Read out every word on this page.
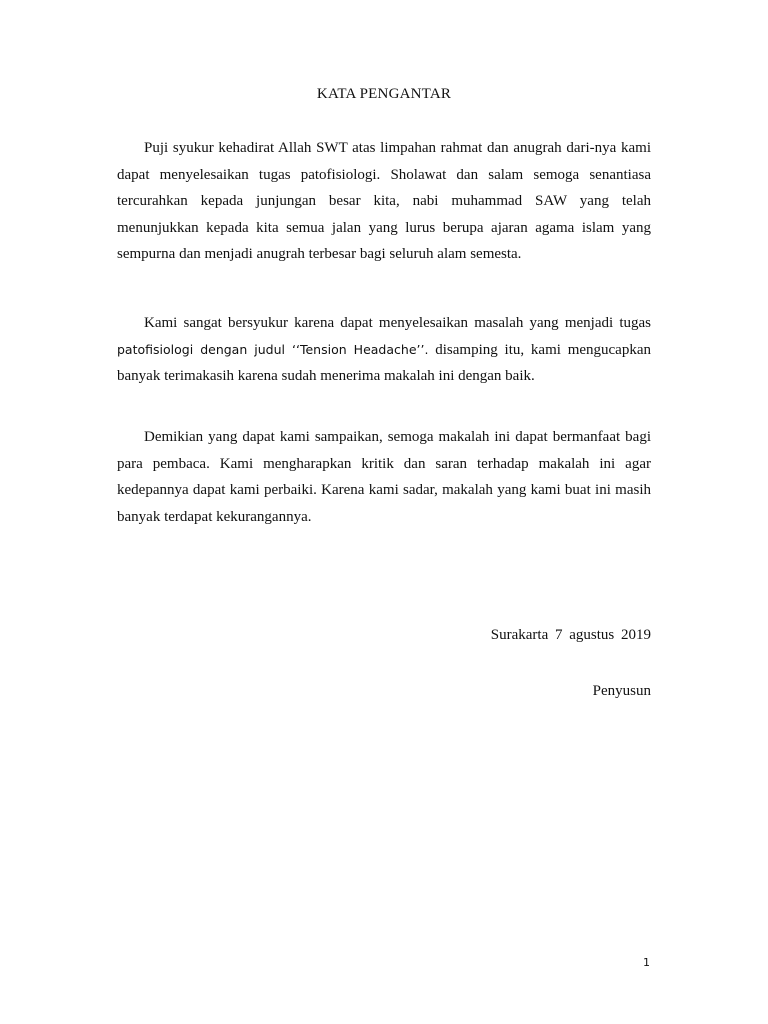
KATA PENGANTAR

Puji syukur kehadirat Allah SWT atas limpahan rahmat dan anugrah dari-nya kami dapat menyelesaikan tugas patofisiologi. Sholawat dan salam semoga senantiasa tercurahkan kepada junjungan besar kita, nabi muhammad SAW yang telah menunjukkan kepada kita semua jalan yang lurus berupa ajaran agama islam yang sempurna dan menjadi anugrah terbesar bagi seluruh alam semesta.

Kami sangat bersyukur karena dapat menyelesaikan masalah yang menjadi tugas patofisiologi dengan judul ‘‘Tension Headache’’. disamping itu, kami mengucapkan banyak terimakasih karena sudah menerima makalah ini dengan baik.

Demikian yang dapat kami sampaikan, semoga makalah ini dapat bermanfaat bagi para pembaca. Kami mengharapkan kritik dan saran terhadap makalah ini agar kedepannya dapat kami perbaiki. Karena kami sadar, makalah yang kami buat ini masih banyak terdapat kekurangannya.

Surakarta 7 agustus 2019
Penyusun
1
